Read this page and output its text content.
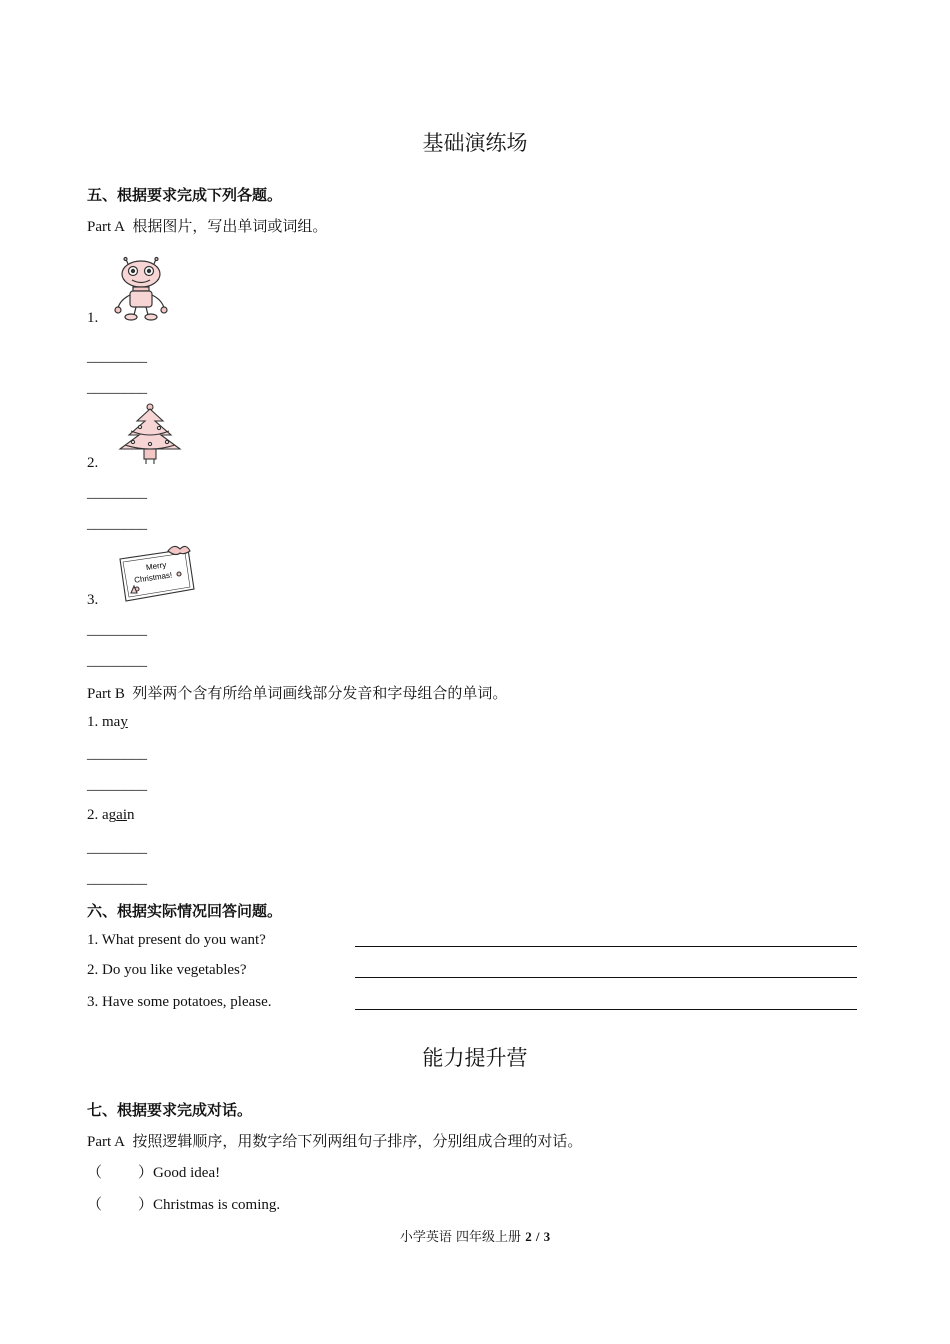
基础演练场
五、根据要求完成下列各题。
Part A 根据图片，写出单词或词组。
1.
________
________
2.
________
________
Merry
Christmas!
3.
________
________
Part B 列举两个含有所给单词画线部分发音和字母组合的单词。
1. may
________
________
2. again
________
________
六、根据实际情况回答问题。
1. What present do you want?
2. Do you like vegetables?
3. Have some potatoes, please.
能力提升营
七、根据要求完成对话。
Part A 按照逻辑顺序，用数字给下列两组句子排序，分别组成合理的对话。
（ ）Good idea!
（ ）Christmas is coming.
小学英语 四年级上册 2 / 3
